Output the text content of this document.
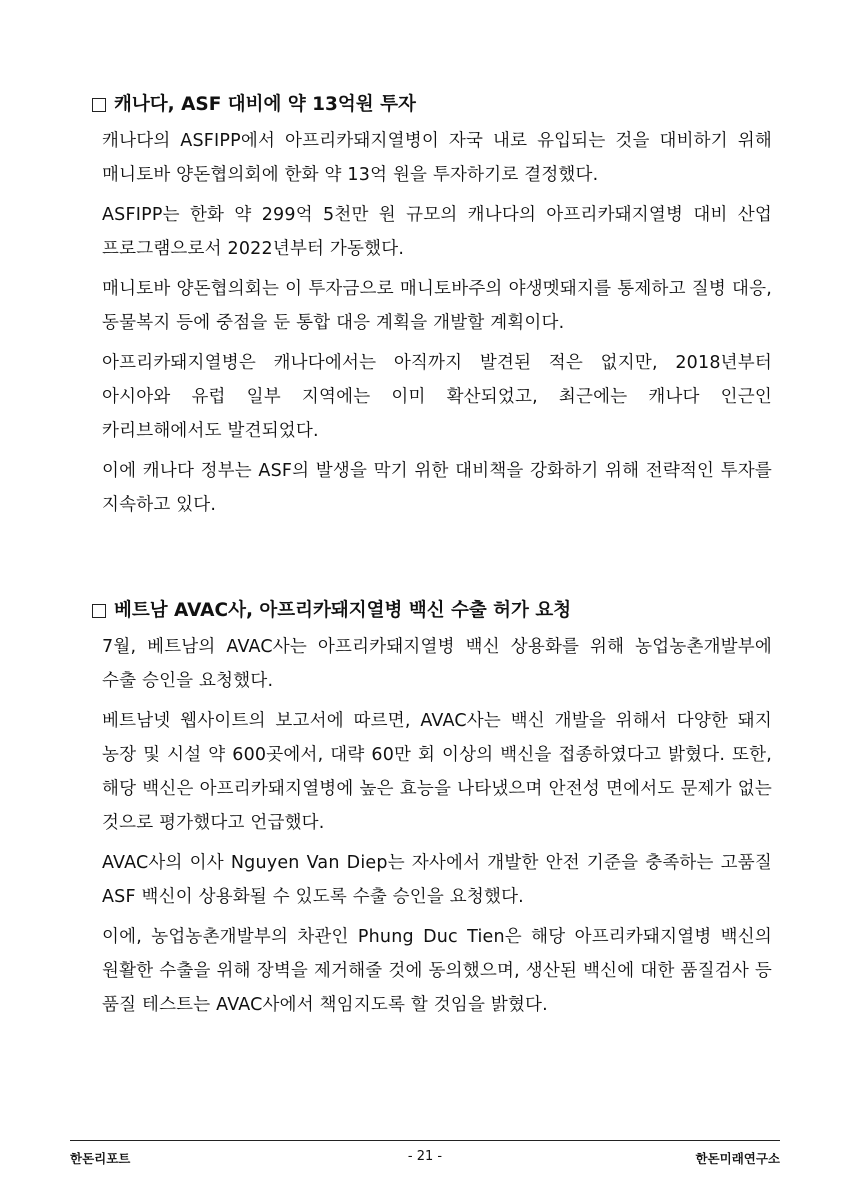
캐나다, ASF 대비에 약 13억원 투자

캐나다의 ASFIPP에서 아프리카돼지열병이 자국 내로 유입되는 것을 대비하기 위해 매니토바 양돈협의회에 한화 약 13억 원을 투자하기로 결정했다.

ASFIPP는 한화 약 299억 5천만 원 규모의 캐나다의 아프리카돼지열병 대비 산업 프로그램으로서 2022년부터 가동했다.

매니토바 양돈협의회는 이 투자금으로 매니토바주의 야생멧돼지를 통제하고 질병 대응, 동물복지 등에 중점을 둔 통합 대응 계획을 개발할 계획이다.

아프리카돼지열병은 캐나다에서는 아직까지 발견된 적은 없지만, 2018년부터 아시아와 유럽 일부 지역에는 이미 확산되었고, 최근에는 캐나다 인근인 카리브해에서도 발견되었다.

이에 캐나다 정부는 ASF의 발생을 막기 위한 대비책을 강화하기 위해 전략적인 투자를 지속하고 있다.

베트남 AVAC사, 아프리카돼지열병 백신 수출 허가 요청

7월, 베트남의 AVAC사는 아프리카돼지열병 백신 상용화를 위해 농업농촌개발부에 수출 승인을 요청했다.

베트남넷 웹사이트의 보고서에 따르면, AVAC사는 백신 개발을 위해서 다양한 돼지 농장 및 시설 약 600곳에서, 대략 60만 회 이상의 백신을 접종하였다고 밝혔다. 또한, 해당 백신은 아프리카돼지열병에 높은 효능을 나타냈으며 안전성 면에서도 문제가 없는 것으로 평가했다고 언급했다.

AVAC사의 이사 Nguyen Van Diep는 자사에서 개발한 안전 기준을 충족하는 고품질 ASF 백신이 상용화될 수 있도록 수출 승인을 요청했다.

이에, 농업농촌개발부의 차관인 Phung Duc Tien은 해당 아프리카돼지열병 백신의 원활한 수출을 위해 장벽을 제거해줄 것에 동의했으며, 생산된 백신에 대한 품질검사 등 품질 테스트는 AVAC사에서 책임지도록 할 것임을 밝혔다.

한돈리포트	- 21 -	한돈미래연구소
